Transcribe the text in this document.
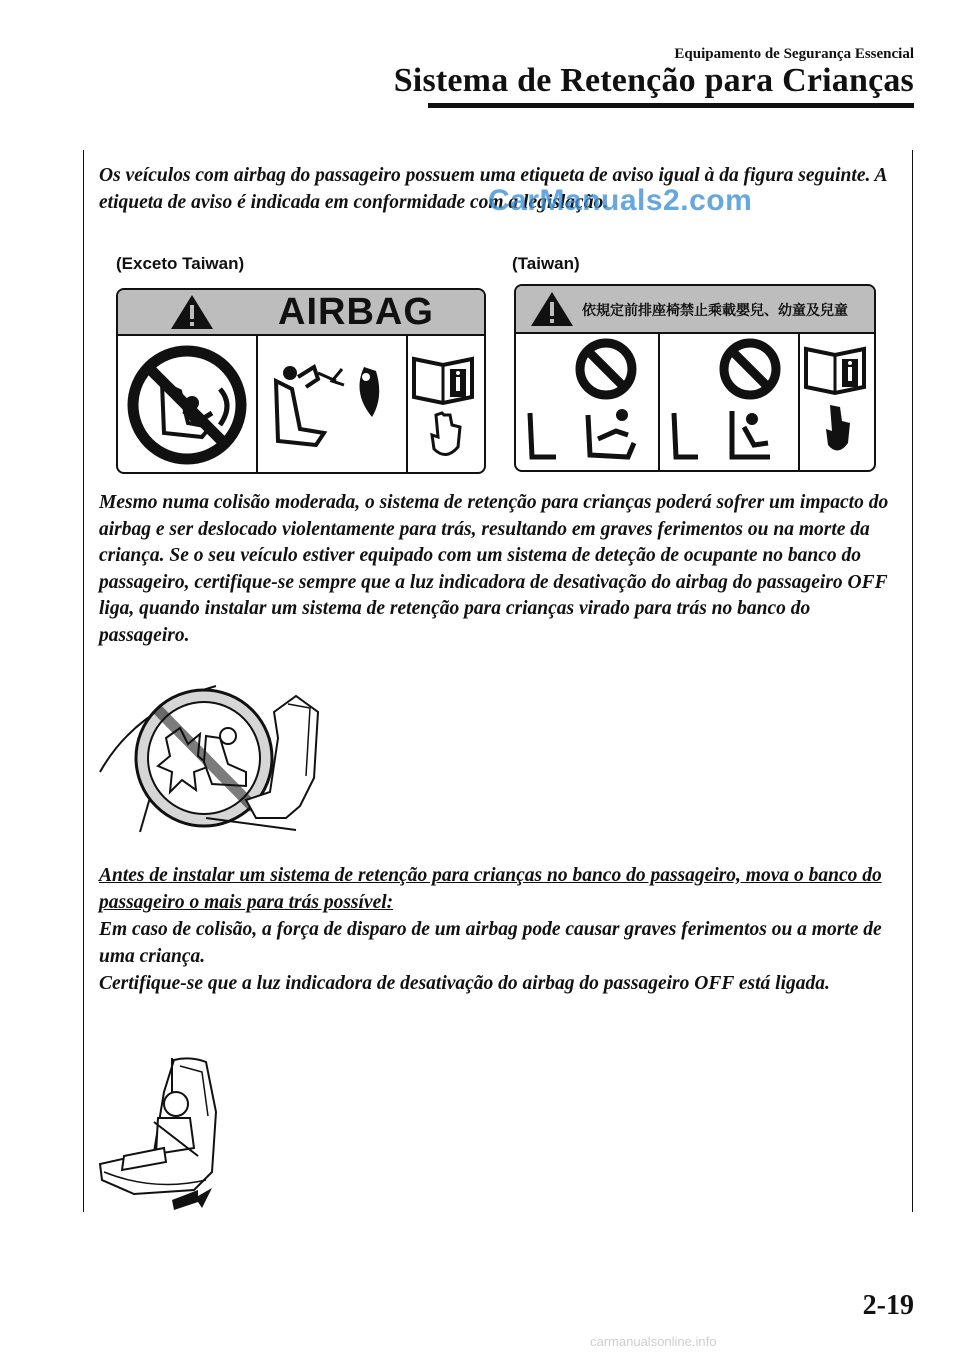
Equipamento de Segurança Essencial
Sistema de Retenção para Crianças

Os veículos com airbag do passageiro possuem uma etiqueta de aviso igual à da figura seguinte. A etiqueta de aviso é indicada em conformidade com a legislação.

CarManuals2.com
(Exceto Taiwan)	(Taiwan)
AIRBAG	依規定前排座椅禁止乘載嬰兒、幼童及兒童

Mesmo numa colisão moderada, o sistema de retenção para crianças poderá sofrer um impacto do airbag e ser deslocado violentamente para trás, resultando em graves ferimentos ou na morte da criança. Se o seu veículo estiver equipado com um sistema de deteção de ocupante no banco do passageiro, certifique-se sempre que a luz indicadora de desativação do airbag do passageiro OFF liga, quando instalar um sistema de retenção para crianças virado para trás no banco do passageiro.

Antes de instalar um sistema de retenção para crianças no banco do passageiro, mova o banco do passageiro o mais para trás possível:

Em caso de colisão, a força de disparo de um airbag pode causar graves ferimentos ou a morte de uma criança.

Certifique-se que a luz indicadora de desativação do airbag do passageiro OFF está ligada.

2-19
carmanualsonline.info
